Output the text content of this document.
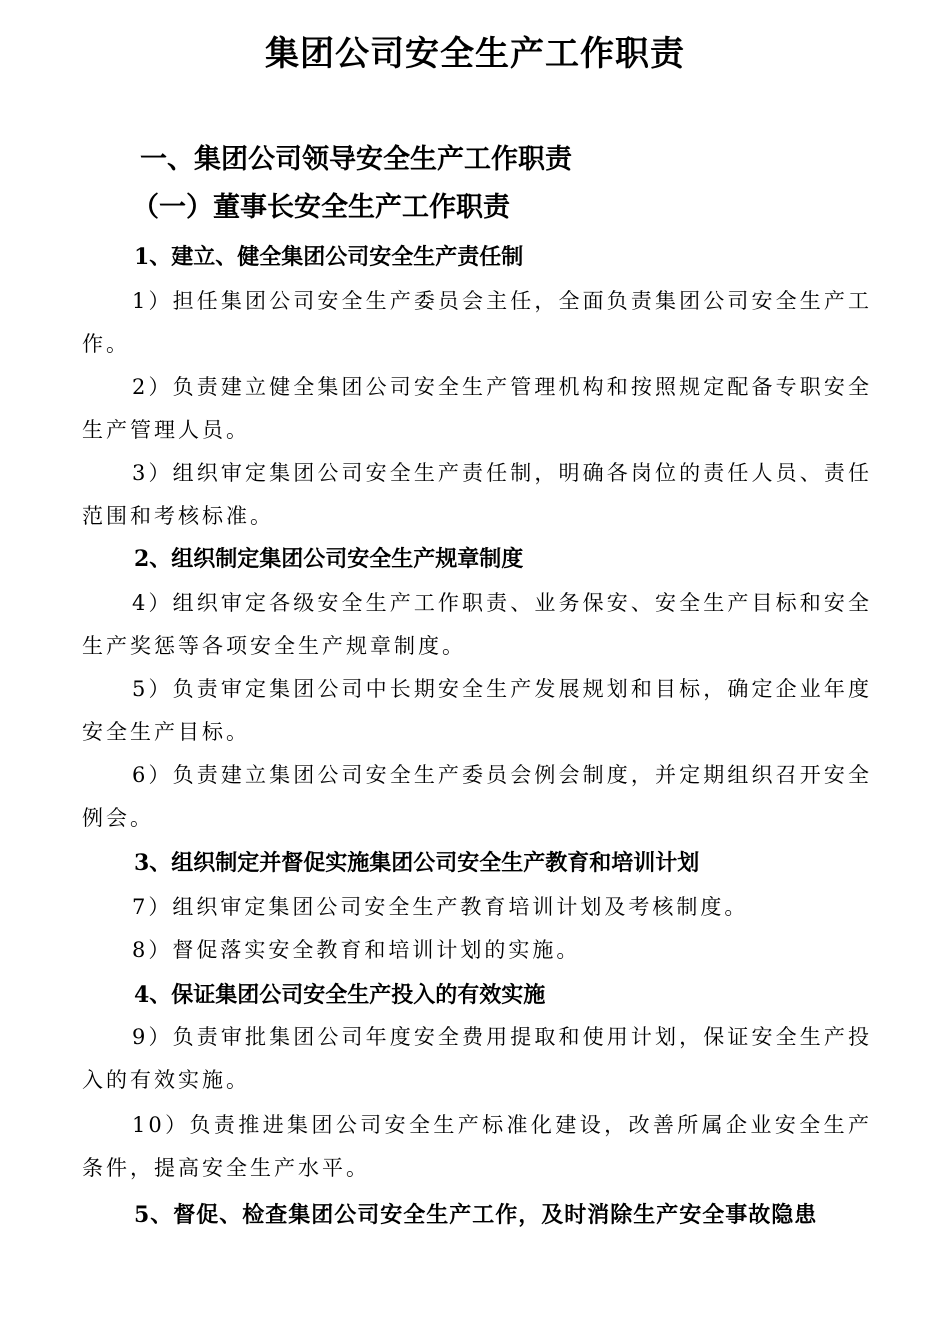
集团公司安全生产工作职责
一、集团公司领导安全生产工作职责
（一）董事长安全生产工作职责
1、建立、健全集团公司安全生产责任制
1）担任集团公司安全生产委员会主任，全面负责集团公司安全生产工作。
2）负责建立健全集团公司安全生产管理机构和按照规定配备专职安全生产管理人员。
3）组织审定集团公司安全生产责任制，明确各岗位的责任人员、责任范围和考核标准。
2、组织制定集团公司安全生产规章制度
4）组织审定各级安全生产工作职责、业务保安、安全生产目标和安全生产奖惩等各项安全生产规章制度。
5）负责审定集团公司中长期安全生产发展规划和目标，确定企业年度安全生产目标。
6）负责建立集团公司安全生产委员会例会制度，并定期组织召开安全例会。
3、组织制定并督促实施集团公司安全生产教育和培训计划
7）组织审定集团公司安全生产教育培训计划及考核制度。
8）督促落实安全教育和培训计划的实施。
4、保证集团公司安全生产投入的有效实施
9）负责审批集团公司年度安全费用提取和使用计划，保证安全生产投入的有效实施。
10）负责推进集团公司安全生产标准化建设，改善所属企业安全生产条件，提高安全生产水平。
5、督促、检查集团公司安全生产工作，及时消除生产安全事故隐患
